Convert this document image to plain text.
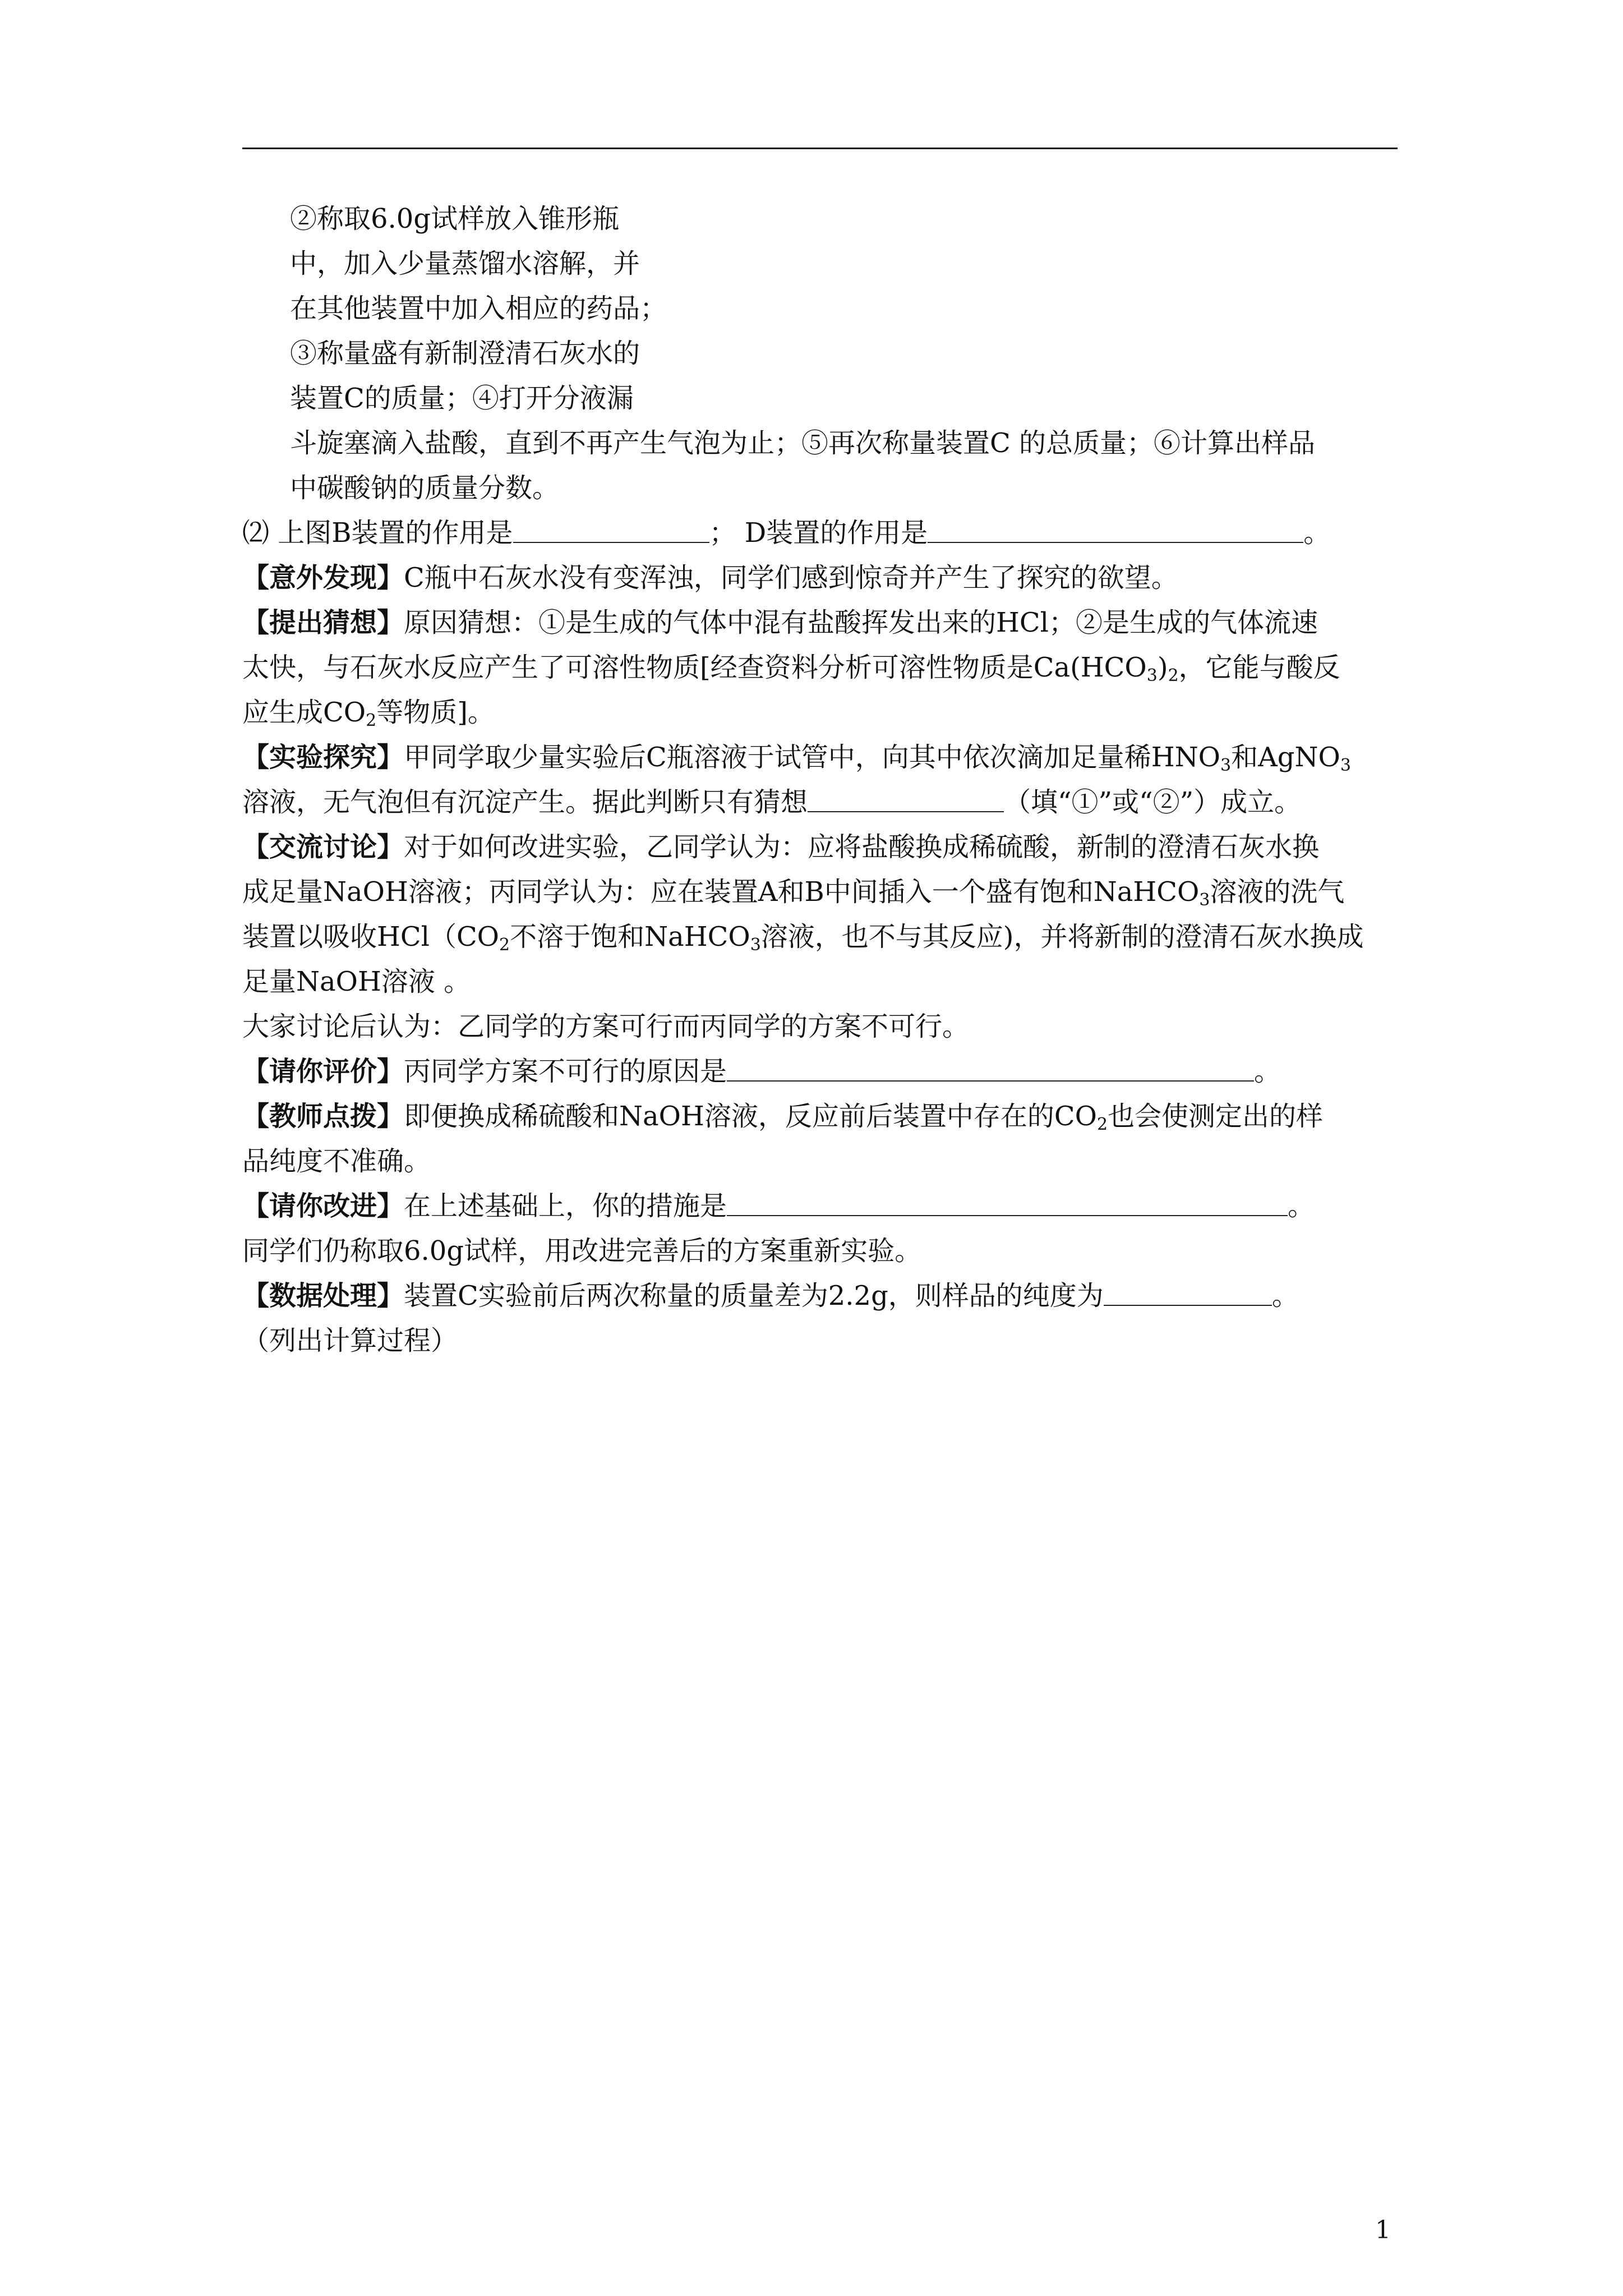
②称取6.0g试样放入锥形瓶
中，加入少量蒸馏水溶解，并
在其他装置中加入相应的药品；
③称量盛有新制澄清石灰水的
装置C的质量；④打开分液漏
斗旋塞滴入盐酸，直到不再产生气泡为止；⑤再次称量装置C 的总质量；⑥计算出样品
中碳酸钠的质量分数。
⑵ 上图B装置的作用是	； D装置的作用是	。
【意外发现】C瓶中石灰水没有变浑浊，同学们感到惊奇并产生了探究的欲望。
【提出猜想】原因猜想：①是生成的气体中混有盐酸挥发出来的HCl；②是生成的气体流速
太快，与石灰水反应产生了可溶性物质[经查资料分析可溶性物质是$Ca(HCO_3)_2$，它能与酸反
应生成$CO_2$等物质]。
【实验探究】甲同学取少量实验后C瓶溶液于试管中，向其中依次滴加足量稀$HNO_3$和AgNO$_3$
溶液，无气泡但有沉淀产生。据此判断只有猜想	（填“①”或“②”）成立。
【交流讨论】对于如何改进实验，乙同学认为：应将盐酸换成稀硫酸，新制的澄清石灰水换
成足量NaOH溶液；丙同学认为：应在装置A和B中间插入一个盛有饱和NaHCO$_3$溶液的洗气
装置以吸收$HCl(CO_2$不溶于饱和NaHCO$_3$溶液，也不与其反应)，并将新制的澄清石灰水换成
足量NaOH溶液 。
大家讨论后认为：乙同学的方案可行而丙同学的方案不可行。
【请你评价】丙同学方案不可行的原因是	。
【教师点拨】即便换成稀硫酸和NaOH溶液，反应前后装置中存在的$CO_2$也会使测定出的样
品纯度不准确。
【请你改进】在上述基础上，你的措施是	。
同学们仍称取6.0g试样，用改进完善后的方案重新实验。
【数据处理】装置C实验前后两次称量的质量差为2.2g，则样品的纯度为	。
（列出计算过程）
1
